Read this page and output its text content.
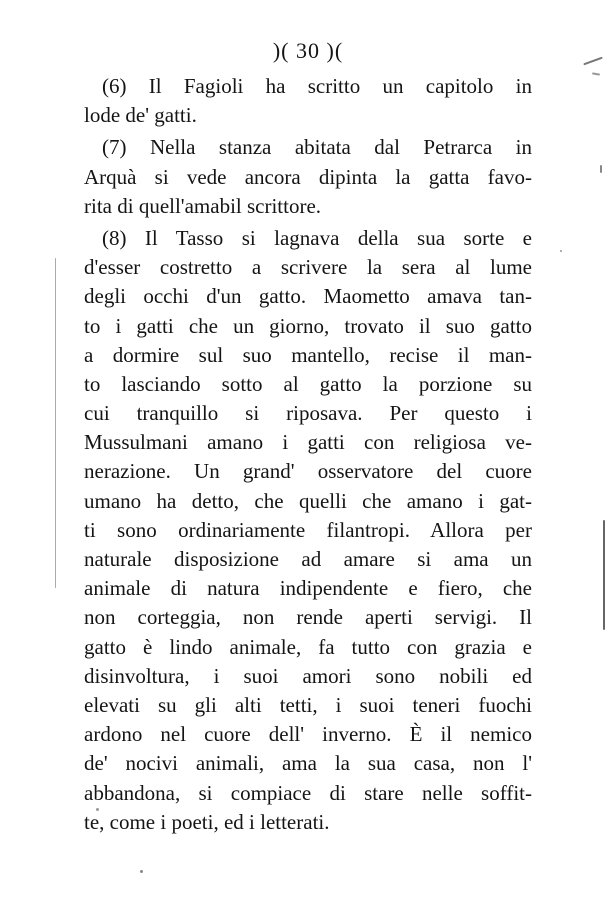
)( 30 )(
(6) Il Fagioli ha scritto un capitolo in
lode de' gatti.
(7) Nella stanza abitata dal Petrarca in
Arquà si vede ancora dipinta la gatta favo-
rita di quell'amabil scrittore.
(8) Il Tasso si lagnava della sua sorte e
d'esser costretto a scrivere la sera al lume
degli occhi d'un gatto. Maometto amava tan-
to i gatti che un giorno, trovato il suo gatto
a dormire sul suo mantello, recise il man-
to lasciando sotto al gatto la porzione su
cui tranquillo si riposava. Per questo i
Mussulmani amano i gatti con religiosa ve-
nerazione. Un grand' osservatore del cuore
umano ha detto, che quelli che amano i gat-
ti sono ordinariamente filantropi. Allora per
naturale disposizione ad amare si ama un
animale di natura indipendente e fiero, che
non corteggia, non rende aperti servigi. Il
gatto è lindo animale, fa tutto con grazia e
disinvoltura, i suoi amori sono nobili ed
elevati su gli alti tetti, i suoi teneri fuochi
ardono nel cuore dell' inverno. È il nemico
de' nocivi animali, ama la sua casa, non l'
abbandona, si compiace di stare nelle soffit-
te, come i poeti, ed i letterati.
